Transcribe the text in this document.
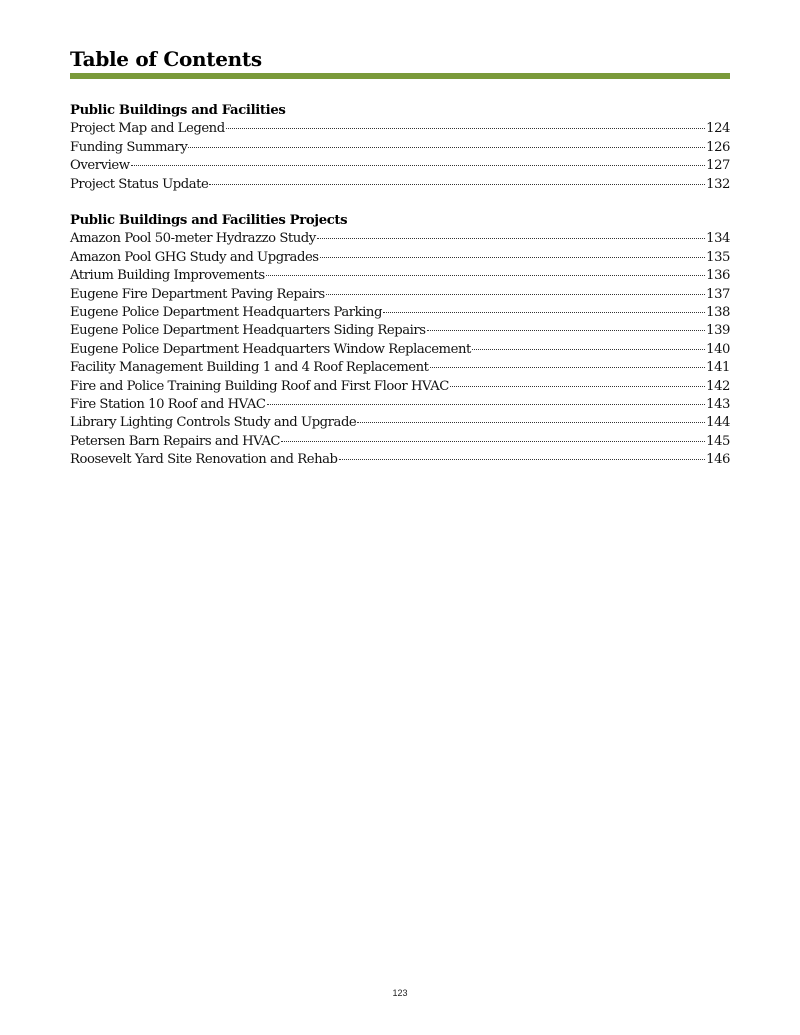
Table of Contents
Public Buildings and Facilities
Project Map and Legend	124
Funding Summary	126
Overview	127
Project Status Update	132
Public Buildings and Facilities Projects
Amazon Pool 50-meter Hydrazzo Study	134
Amazon Pool GHG Study and Upgrades	135
Atrium Building Improvements	136
Eugene Fire Department Paving Repairs	137
Eugene Police Department Headquarters Parking	138
Eugene Police Department Headquarters Siding Repairs	139
Eugene Police Department Headquarters Window Replacement	140
Facility Management Building 1 and 4 Roof Replacement	141
Fire and Police Training Building Roof and First Floor HVAC	142
Fire Station 10 Roof and HVAC	143
Library Lighting Controls Study and Upgrade	144
Petersen Barn Repairs and HVAC	145
Roosevelt Yard Site Renovation and Rehab	146
123
